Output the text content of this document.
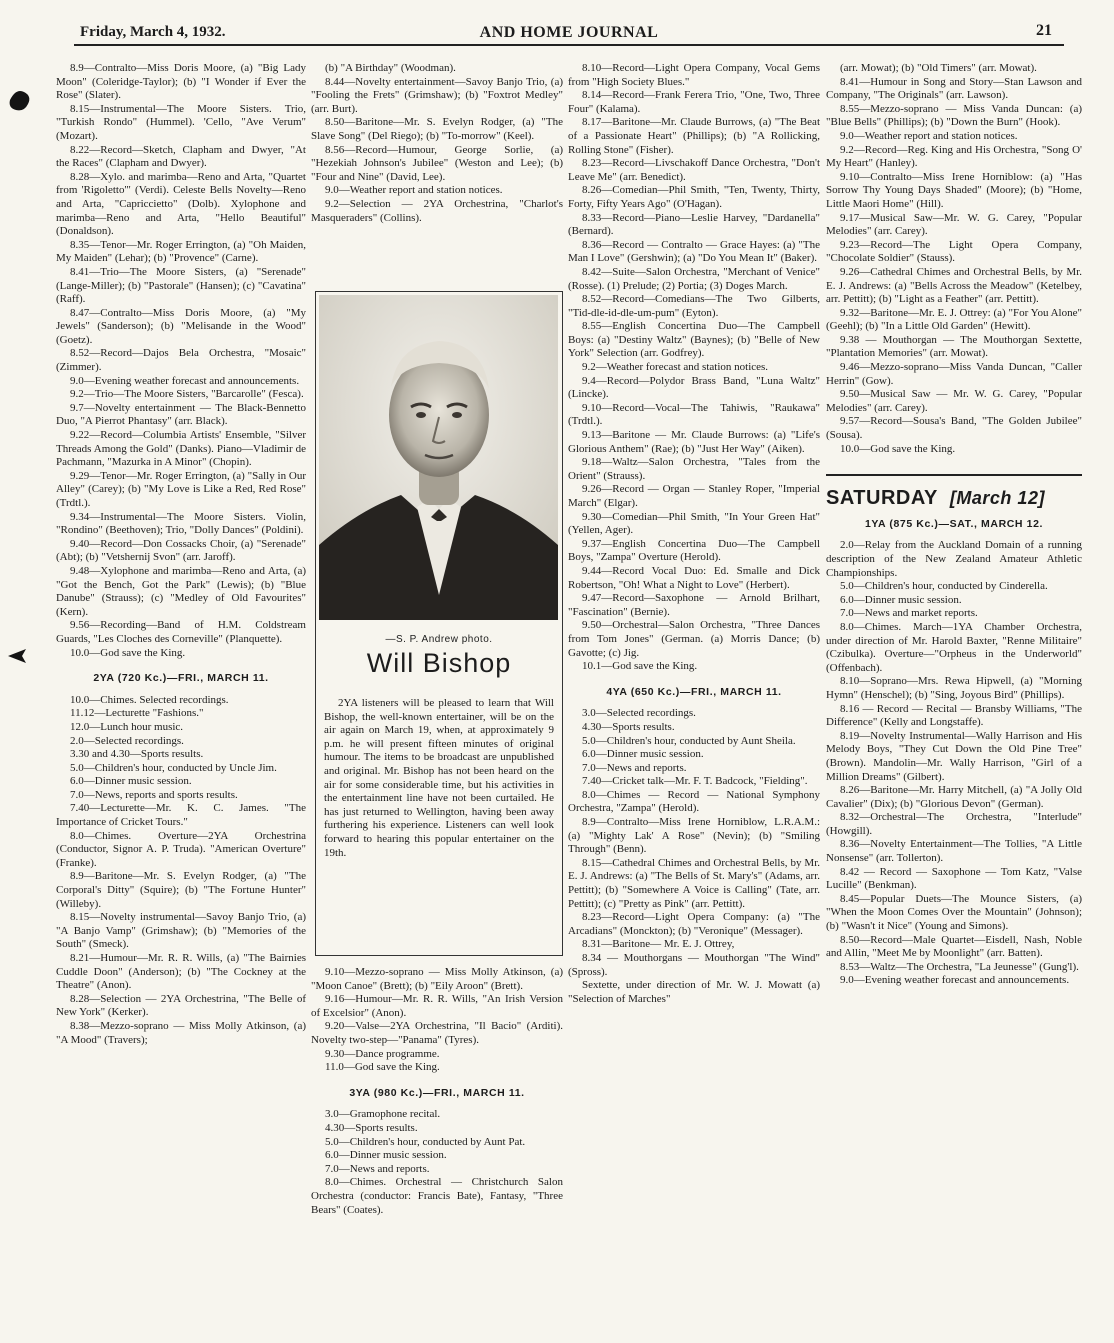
Friday, March 4, 1932.	AND HOME JOURNAL	21

8.9—Contralto—Miss Doris Moore, (a) "Big Lady Moon" (Coleridge-Taylor); (b) "I Wonder if Ever the Rose" (Slater).

8.15—Instrumental—The Moore Sisters. Trio, "Turkish Rondo" (Hummel). 'Cello, "Ave Verum" (Mozart).

8.22—Record—Sketch, Clapham and Dwyer, "At the Races" (Clapham and Dwyer).

8.28—Xylo. and marimba—Reno and Arta, "Quartet from 'Rigoletto'" (Verdi). Celeste Bells Novelty—Reno and Arta, "Capriccietto" (Dolb). Xylophone and marimba—Reno and Arta, "Hello Beautiful" (Donaldson).

8.35—Tenor—Mr. Roger Errington, (a) "Oh Maiden, My Maiden" (Lehar); (b) "Provence" (Carne).

8.41—Trio—The Moore Sisters, (a) "Serenade" (Lange-Miller); (b) "Pastorale" (Hansen); (c) "Cavatina" (Raff).

8.47—Contralto—Miss Doris Moore, (a) "My Jewels" (Sanderson); (b) "Melisande in the Wood" (Goetz).

8.52—Record—Dajos Bela Orchestra, "Mosaic" (Zimmer).

9.0—Evening weather forecast and announcements.

9.2—Trio—The Moore Sisters, "Barcarolle" (Fesca).

9.7—Novelty entertainment — The Black-Bennetto Duo, "A Pierrot Phantasy" (arr. Black).

9.22—Record—Columbia Artists' Ensemble, "Silver Threads Among the Gold" (Danks). Piano—Vladimir de Pachmann, "Mazurka in A Minor" (Chopin).

9.29—Tenor—Mr. Roger Errington, (a) "Sally in Our Alley" (Carey); (b) "My Love is Like a Red, Red Rose" (Trdtl.).

9.34—Instrumental—The Moore Sisters. Violin, "Rondino" (Beethoven); Trio, "Dolly Dances" (Poldini).

9.40—Record—Don Cossacks Choir, (a) "Serenade" (Abt); (b) "Vetshernij Svon" (arr. Jaroff).

9.48—Xylophone and marimba—Reno and Arta, (a) "Got the Bench, Got the Park" (Lewis); (b) "Blue Danube" (Strauss); (c) "Medley of Old Favourites" (Kern).

9.56—Recording—Band of H.M. Coldstream Guards, "Les Cloches des Corneville" (Planquette).

10.0—God save the King.

2YA (720 Kc.)—FRI., MARCH 11.

10.0—Chimes. Selected recordings.

11.12—Lecturette "Fashions."

12.0—Lunch hour music.

2.0—Selected recordings.

3.30 and 4.30—Sports results.

5.0—Children's hour, conducted by Uncle Jim.

6.0—Dinner music session.

7.0—News, reports and sports results.

7.40—Lecturette—Mr. K. C. James. "The Importance of Cricket Tours."

8.0—Chimes. Overture—2YA Orchestrina (Conductor, Signor A. P. Truda). "American Overture" (Franke).

8.9—Baritone—Mr. S. Evelyn Rodger, (a) "The Corporal's Ditty" (Squire); (b) "The Fortune Hunter" (Willeby).

8.15—Novelty instrumental—Savoy Banjo Trio, (a) "A Banjo Vamp" (Grimshaw); (b) "Memories of the South" (Smeck).

8.21—Humour—Mr. R. R. Wills, (a) "The Bairnies Cuddle Doon" (Anderson); (b) "The Cockney at the Theatre" (Anon).

8.28—Selection — 2YA Orchestrina, "The Belle of New York" (Kerker).

8.38—Mezzo-soprano — Miss Molly Atkinson, (a) "A Mood" (Travers);

(b) "A Birthday" (Woodman).

8.44—Novelty entertainment—Savoy Banjo Trio, (a) "Fooling the Frets" (Grimshaw); (b) "Foxtrot Medley" (arr. Burt).

8.50—Baritone—Mr. S. Evelyn Rodger, (a) "The Slave Song" (Del Riego); (b) "To-morrow" (Keel).

8.56—Record—Humour, George Sorlie, (a) "Hezekiah Johnson's Jubilee" (Weston and Lee); (b) "Four and Nine" (David, Lee).

9.0—Weather report and station notices.

9.2—Selection — 2YA Orchestrina, "Charlot's Masqueraders" (Collins).

—S. P. Andrew photo.
Will Bishop

2YA listeners will be pleased to learn that Will Bishop, the well-known entertainer, will be on the air again on March 19, when, at approximately 9 p.m. he will present fifteen minutes of original humour. The items to be broadcast are unpublished and original. Mr. Bishop has not been heard on the air for some considerable time, but his activities in the entertainment line have not been curtailed. He has just returned to Wellington, having been away furthering his experience. Listeners can well look forward to hearing this popular entertainer on the 19th.

9.10—Mezzo-soprano — Miss Molly Atkinson, (a) "Moon Canoe" (Brett); (b) "Eily Aroon" (Brett).

9.16—Humour—Mr. R. R. Wills, "An Irish Version of Excelsior" (Anon).

9.20—Valse—2YA Orchestrina, "Il Bacio" (Arditi). Novelty two-step—"Panama" (Tyres).

9.30—Dance programme.

11.0—God save the King.

3YA (980 Kc.)—FRI., MARCH 11.

3.0—Gramophone recital.

4.30—Sports results.

5.0—Children's hour, conducted by Aunt Pat.

6.0—Dinner music session.

7.0—News and reports.

8.0—Chimes. Orchestral — Christchurch Salon Orchestra (conductor: Francis Bate), Fantasy, "Three Bears" (Coates).

8.10—Record—Light Opera Company, Vocal Gems from "High Society Blues."

8.14—Record—Frank Ferera Trio, "One, Two, Three Four" (Kalama).

8.17—Baritone—Mr. Claude Burrows, (a) "The Beat of a Passionate Heart" (Phillips); (b) "A Rollicking, Rolling Stone" (Fisher).

8.23—Record—Livschakoff Dance Orchestra, "Don't Leave Me" (arr. Benedict).

8.26—Comedian—Phil Smith, "Ten, Twenty, Thirty, Forty, Fifty Years Ago" (O'Hagan).

8.33—Record—Piano—Leslie Harvey, "Dardanella" (Bernard).

8.36—Record — Contralto — Grace Hayes: (a) "The Man I Love" (Gershwin); (a) "Do You Mean It" (Baker).

8.42—Suite—Salon Orchestra, "Merchant of Venice" (Rosse). (1) Prelude; (2) Portia; (3) Doges March.

8.52—Record—Comedians—The Two Gilberts, "Tid-dle-id-dle-um-pum" (Eyton).

8.55—English Concertina Duo—The Campbell Boys: (a) "Destiny Waltz" (Baynes); (b) "Belle of New York" Selection (arr. Godfrey).

9.2—Weather forecast and station notices.

9.4—Record—Polydor Brass Band, "Luna Waltz" (Lincke).

9.10—Record—Vocal—The Tahiwis, "Raukawa" (Trdtl.).

9.13—Baritone — Mr. Claude Burrows: (a) "Life's Glorious Anthem" (Rae); (b) "Just Her Way" (Aiken).

9.18—Waltz—Salon Orchestra, "Tales from the Orient" (Strauss).

9.26—Record — Organ — Stanley Roper, "Imperial March" (Elgar).

9.30—Comedian—Phil Smith, "In Your Green Hat" (Yellen, Ager).

9.37—English Concertina Duo—The Campbell Boys, "Zampa" Overture (Herold).

9.44—Record Vocal Duo: Ed. Smalle and Dick Robertson, "Oh! What a Night to Love" (Herbert).

9.47—Record—Saxophone — Arnold Brilhart, "Fascination" (Bernie).

9.50—Orchestral—Salon Orchestra, "Three Dances from Tom Jones" (German. (a) Morris Dance; (b) Gavotte; (c) Jig.

10.1—God save the King.

4YA (650 Kc.)—FRI., MARCH 11.

3.0—Selected recordings.

4.30—Sports results.

5.0—Children's hour, conducted by Aunt Sheila.

6.0—Dinner music session.

7.0—News and reports.

7.40—Cricket talk—Mr. F. T. Badcock, "Fielding".

8.0—Chimes — Record — National Symphony Orchestra, "Zampa" (Herold).

8.9—Contralto—Miss Irene Horniblow, L.R.A.M.: (a) "Mighty Lak' A Rose" (Nevin); (b) "Smiling Through" (Benn).

8.15—Cathedral Chimes and Orchestral Bells, by Mr. E. J. Andrews: (a) "The Bells of St. Mary's" (Adams, arr. Pettitt); (b) "Somewhere A Voice is Calling" (Tate, arr. Pettitt); (c) "Pretty as Pink" (arr. Pettitt).

8.23—Record—Light Opera Company: (a) "The Arcadians" (Monckton); (b) "Veronique" (Messager).

8.31—Baritone— Mr. E. J. Ottrey,

8.34 — Mouthorgans — Mouthorgan "The Wind" (Spross).

Sextette, under direction of Mr. W. J. Mowatt (a) "Selection of Marches"

(arr. Mowat); (b) "Old Timers" (arr. Mowat).

8.41—Humour in Song and Story—Stan Lawson and Company, "The Originals" (arr. Lawson).

8.55—Mezzo-soprano — Miss Vanda Duncan: (a) "Blue Bells" (Phillips); (b) "Down the Burn" (Hook).

9.0—Weather report and station notices.

9.2—Record—Reg. King and His Orchestra, "Song O' My Heart" (Hanley).

9.10—Contralto—Miss Irene Horniblow: (a) "Has Sorrow Thy Young Days Shaded" (Moore); (b) "Home, Little Maori Home" (Hill).

9.17—Musical Saw—Mr. W. G. Carey, "Popular Melodies" (arr. Carey).

9.23—Record—The Light Opera Company, "Chocolate Soldier" (Stauss).

9.26—Cathedral Chimes and Orchestral Bells, by Mr. E. J. Andrews: (a) "Bells Across the Meadow" (Ketelbey, arr. Pettitt); (b) "Light as a Feather" (arr. Pettitt).

9.32—Baritone—Mr. E. J. Ottrey: (a) "For You Alone" (Geehl); (b) "In a Little Old Garden" (Hewitt).

9.38 — Mouthorgan — The Mouthorgan Sextette, "Plantation Memories" (arr. Mowat).

9.46—Mezzo-soprano—Miss Vanda Duncan, "Caller Herrin" (Gow).

9.50—Musical Saw — Mr. W. G. Carey, "Popular Melodies" (arr. Carey).

9.57—Record—Sousa's Band, "The Golden Jubilee" (Sousa).

10.0—God save the King.

SATURDAY [March 12]

1YA (875 Kc.)—SAT., MARCH 12.

2.0—Relay from the Auckland Domain of a running description of the New Zealand Amateur Athletic Championships.

5.0—Children's hour, conducted by Cinderella.

6.0—Dinner music session.

7.0—News and market reports.

8.0—Chimes. March—1YA Chamber Orchestra, under direction of Mr. Harold Baxter, "Renne Militaire" (Czibulka). Overture—"Orpheus in the Underworld" (Offenbach).

8.10—Soprano—Mrs. Rewa Hipwell, (a) "Morning Hymn" (Henschel); (b) "Sing, Joyous Bird" (Phillips).

8.16 — Record — Recital — Bransby Williams, "The Difference" (Kelly and Longstaffe).

8.19—Novelty Instrumental—Wally Harrison and His Melody Boys, "They Cut Down the Old Pine Tree" (Brown). Mandolin—Mr. Wally Harrison, "Girl of a Million Dreams" (Gilbert).

8.26—Baritone—Mr. Harry Mitchell, (a) "A Jolly Old Cavalier" (Dix); (b) "Glorious Devon" (German).

8.32—Orchestral—The Orchestra, "Interlude" (Howgill).

8.36—Novelty Entertainment—The Tollies, "A Little Nonsense" (arr. Tollerton).

8.42 — Record — Saxophone — Tom Katz, "Valse Lucille" (Benkman).

8.45—Popular Duets—The Mounce Sisters, (a) "When the Moon Comes Over the Mountain" (Johnson); (b) "Wasn't it Nice" (Young and Simons).

8.50—Record—Male Quartet—Eisdell, Nash, Noble and Allin, "Meet Me by Moonlight" (arr. Batten).

8.53—Waltz—The Orchestra, "La Jeunesse" (Gung'l).

9.0—Evening weather forecast and announcements.
